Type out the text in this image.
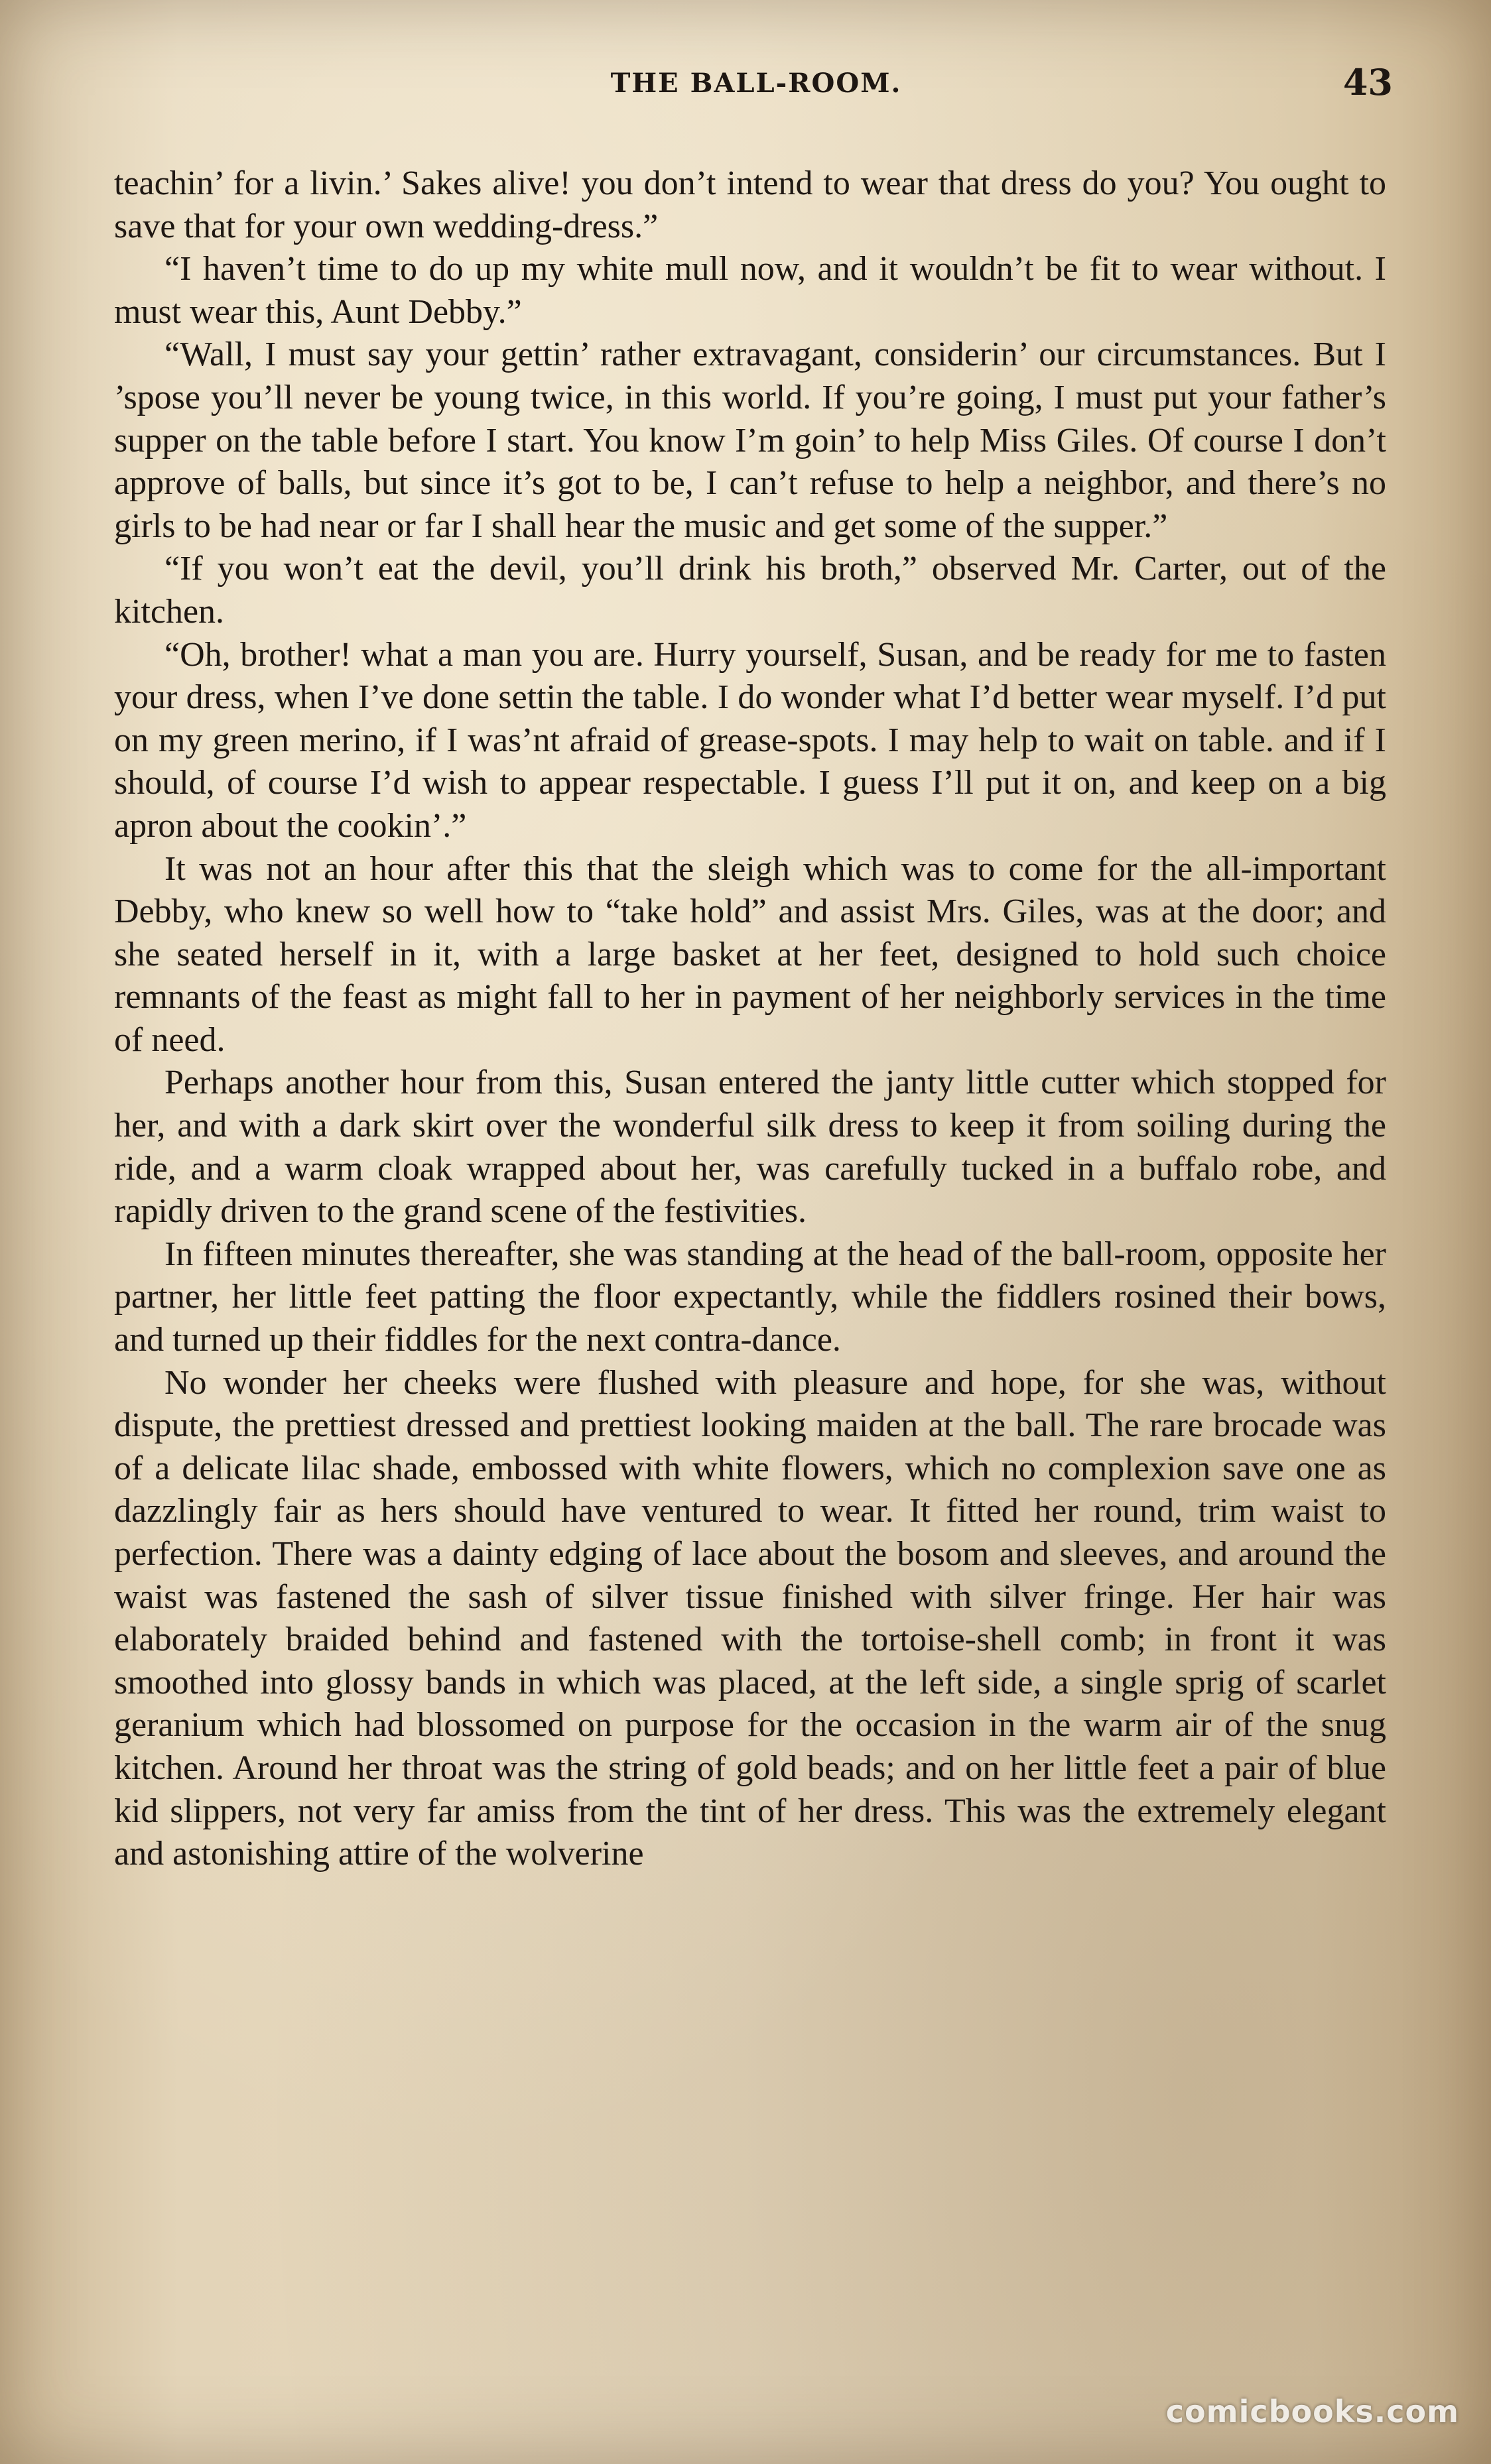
THE BALL-ROOM.	43

teachin’ for a livin.’ Sakes alive! you don’t intend to wear that dress do you? You ought to save that for your own wedding-dress.”

“I haven’t time to do up my white mull now, and it wouldn’t be fit to wear without. I must wear this, Aunt Debby.”

“Wall, I must say your gettin’ rather extravagant, considerin’ our circumstances. But I ’spose you’ll never be young twice, in this world. If you’re going, I must put your father’s supper on the table before I start. You know I’m goin’ to help Miss Giles. Of course I don’t approve of balls, but since it’s got to be, I can’t refuse to help a neighbor, and there’s no girls to be had near or far I shall hear the music and get some of the supper.”

“If you won’t eat the devil, you’ll drink his broth,” observed Mr. Carter, out of the kitchen.

“Oh, brother! what a man you are. Hurry yourself, Susan, and be ready for me to fasten your dress, when I’ve done settin the table. I do wonder what I’d better wear myself. I’d put on my green merino, if I was’nt afraid of grease-spots. I may help to wait on table. and if I should, of course I’d wish to appear respectable. I guess I’ll put it on, and keep on a big apron about the cookin’.”

It was not an hour after this that the sleigh which was to come for the all-important Debby, who knew so well how to “take hold” and assist Mrs. Giles, was at the door; and she seated herself in it, with a large basket at her feet, designed to hold such choice remnants of the feast as might fall to her in payment of her neighborly services in the time of need.

Perhaps another hour from this, Susan entered the janty little cutter which stopped for her, and with a dark skirt over the wonderful silk dress to keep it from soiling during the ride, and a warm cloak wrapped about her, was carefully tucked in a buffalo robe, and rapidly driven to the grand scene of the festivities.

In fifteen minutes thereafter, she was standing at the head of the ball-room, opposite her partner, her little feet patting the floor expectantly, while the fiddlers rosined their bows, and turned up their fiddles for the next contra-dance.

No wonder her cheeks were flushed with pleasure and hope, for she was, without dispute, the prettiest dressed and prettiest looking maiden at the ball. The rare brocade was of a delicate lilac shade, embossed with white flowers, which no complexion save one as dazzlingly fair as hers should have ventured to wear. It fitted her round, trim waist to perfection. There was a dainty edging of lace about the bosom and sleeves, and around the waist was fastened the sash of silver tissue finished with silver fringe. Her hair was elaborately braided behind and fastened with the tortoise-shell comb; in front it was smoothed into glossy bands in which was placed, at the left side, a single sprig of scarlet geranium which had blossomed on purpose for the occasion in the warm air of the snug kitchen. Around her throat was the string of gold beads; and on her little feet a pair of blue kid slippers, not very far amiss from the tint of her dress. This was the extremely elegant and astonishing attire of the wolverine

comicbooks.com
